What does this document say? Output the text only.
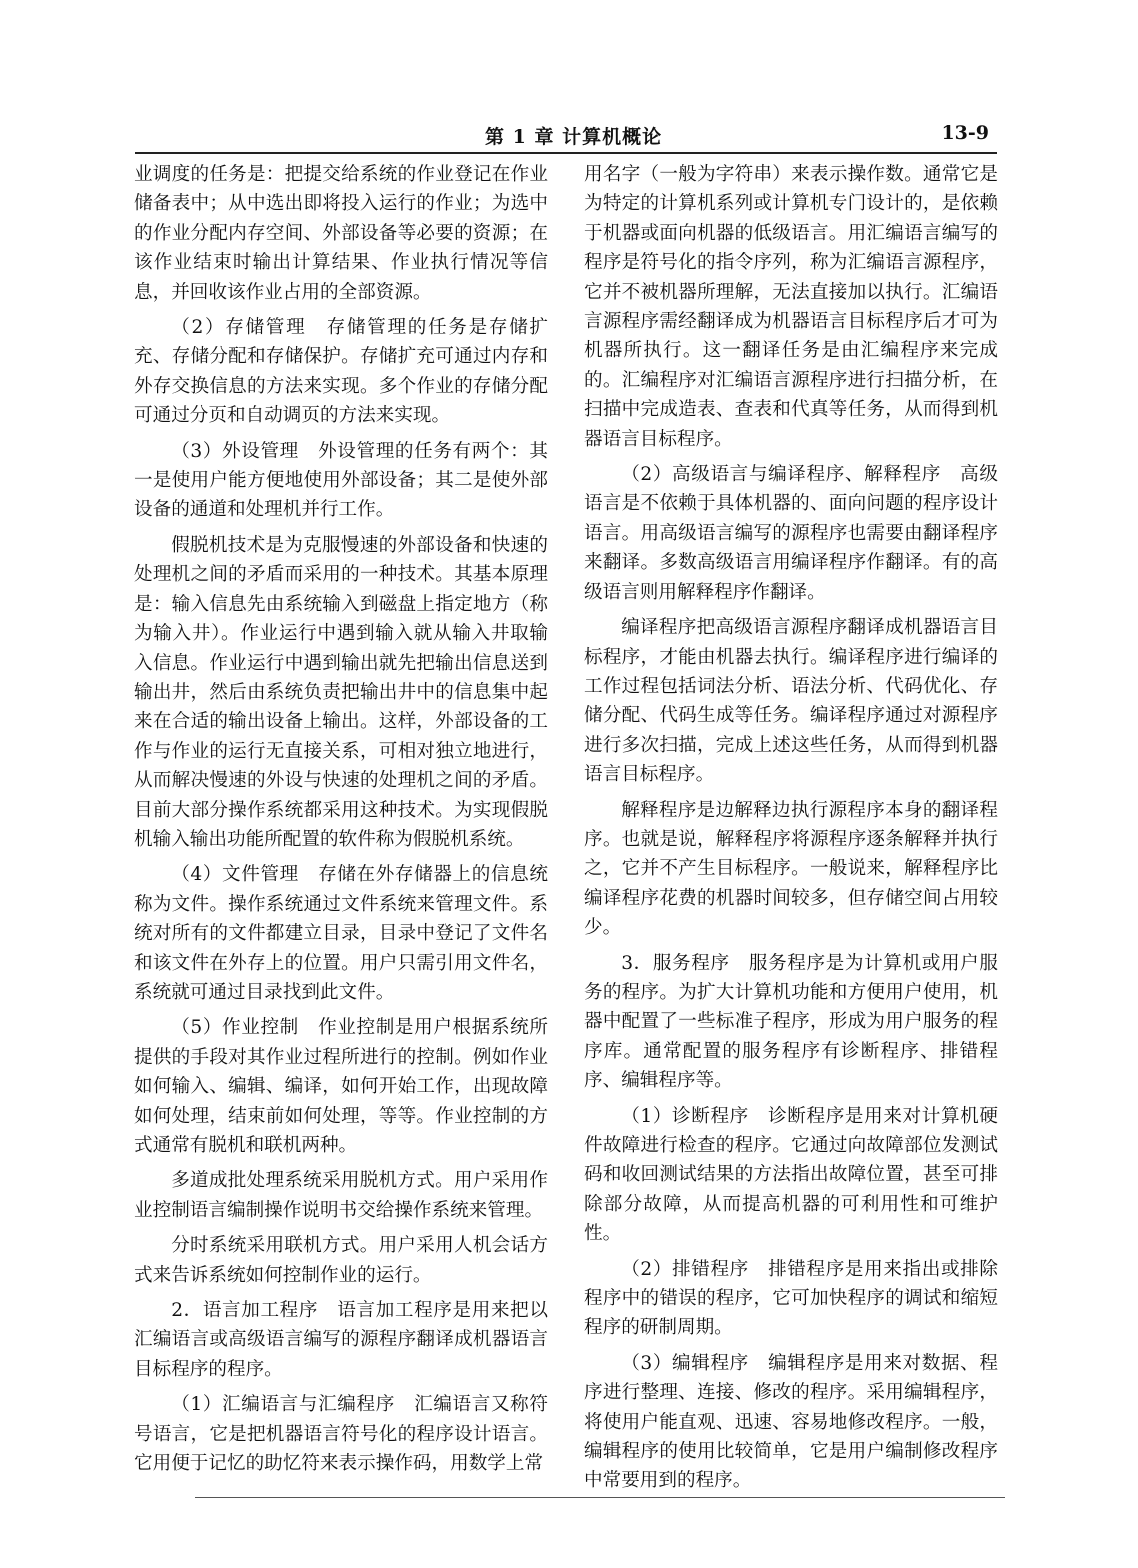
第 1 章 计算机概论	13-9

业调度的任务是：把提交给系统的作业登记在作业储备表中；从中选出即将投入运行的作业；为选中的作业分配内存空间、外部设备等必要的资源；在该作业结束时输出计算结果、作业执行情况等信息，并回收该作业占用的全部资源。

（2）存储管理　存储管理的任务是存储扩充、存储分配和存储保护。存储扩充可通过内存和外存交换信息的方法来实现。多个作业的存储分配可通过分页和自动调页的方法来实现。

（3）外设管理　外设管理的任务有两个：其一是使用户能方便地使用外部设备；其二是使外部设备的通道和处理机并行工作。

假脱机技术是为克服慢速的外部设备和快速的处理机之间的矛盾而采用的一种技术。其基本原理是：输入信息先由系统输入到磁盘上指定地方（称为输入井）。作业运行中遇到输入就从输入井取输入信息。作业运行中遇到输出就先把输出信息送到输出井，然后由系统负责把输出井中的信息集中起来在合适的输出设备上输出。这样，外部设备的工作与作业的运行无直接关系，可相对独立地进行，从而解决慢速的外设与快速的处理机之间的矛盾。目前大部分操作系统都采用这种技术。为实现假脱机输入输出功能所配置的软件称为假脱机系统。

（4）文件管理　存储在外存储器上的信息统称为文件。操作系统通过文件系统来管理文件。系统对所有的文件都建立目录，目录中登记了文件名和该文件在外存上的位置。用户只需引用文件名，系统就可通过目录找到此文件。

（5）作业控制　作业控制是用户根据系统所提供的手段对其作业过程所进行的控制。例如作业如何输入、编辑、编译，如何开始工作，出现故障如何处理，结束前如何处理，等等。作业控制的方式通常有脱机和联机两种。

多道成批处理系统采用脱机方式。用户采用作业控制语言编制操作说明书交给操作系统来管理。

分时系统采用联机方式。用户采用人机会话方式来告诉系统如何控制作业的运行。

2．语言加工程序　语言加工程序是用来把以汇编语言或高级语言编写的源程序翻译成机器语言目标程序的程序。

（1）汇编语言与汇编程序　汇编语言又称符号语言，它是把机器语言符号化的程序设计语言。它用便于记忆的助忆符来表示操作码，用数学上常

用名字（一般为字符串）来表示操作数。通常它是为特定的计算机系列或计算机专门设计的，是依赖于机器或面向机器的低级语言。用汇编语言编写的程序是符号化的指令序列，称为汇编语言源程序，它并不被机器所理解，无法直接加以执行。汇编语言源程序需经翻译成为机器语言目标程序后才可为机器所执行。这一翻译任务是由汇编程序来完成的。汇编程序对汇编语言源程序进行扫描分析，在扫描中完成造表、查表和代真等任务，从而得到机器语言目标程序。

（2）高级语言与编译程序、解释程序　高级语言是不依赖于具体机器的、面向问题的程序设计语言。用高级语言编写的源程序也需要由翻译程序来翻译。多数高级语言用编译程序作翻译。有的高级语言则用解释程序作翻译。

编译程序把高级语言源程序翻译成机器语言目标程序，才能由机器去执行。编译程序进行编译的工作过程包括词法分析、语法分析、代码优化、存储分配、代码生成等任务。编译程序通过对源程序进行多次扫描，完成上述这些任务，从而得到机器语言目标程序。

解释程序是边解释边执行源程序本身的翻译程序。也就是说，解释程序将源程序逐条解释并执行之，它并不产生目标程序。一般说来，解释程序比编译程序花费的机器时间较多，但存储空间占用较少。

3．服务程序　服务程序是为计算机或用户服务的程序。为扩大计算机功能和方便用户使用，机器中配置了一些标准子程序，形成为用户服务的程序库。通常配置的服务程序有诊断程序、排错程序、编辑程序等。

（1）诊断程序　诊断程序是用来对计算机硬件故障进行检查的程序。它通过向故障部位发测试码和收回测试结果的方法指出故障位置，甚至可排除部分故障，从而提高机器的可利用性和可维护性。

（2）排错程序　排错程序是用来指出或排除程序中的错误的程序，它可加快程序的调试和缩短程序的研制周期。

（3）编辑程序　编辑程序是用来对数据、程序进行整理、连接、修改的程序。采用编辑程序，将使用户能直观、迅速、容易地修改程序。一般，编辑程序的使用比较简单，它是用户编制修改程序中常要用到的程序。
